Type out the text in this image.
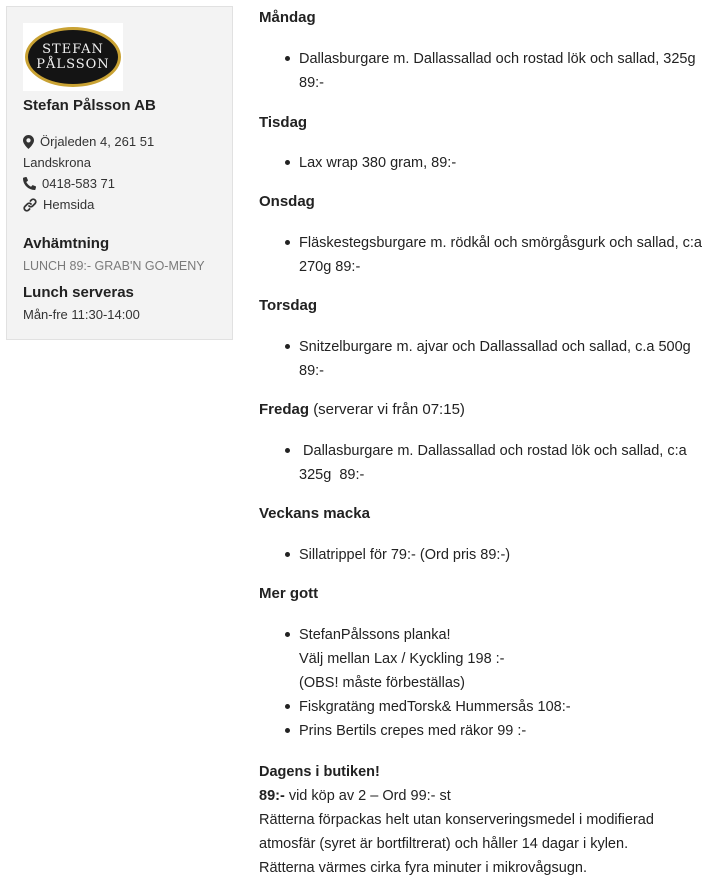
STEFAN
PÅLSSON
Stefan Pålsson AB
Örjaleden 4, 261 51
Landskrona
0418-583 71
Hemsida
Avhämtning
LUNCH 89:- GRAB'N GO-MENY
Lunch serveras
Mån-fre 11:30-14:00
Måndag
Dallasburgare m. Dallassallad och rostad lök och sallad, 325g 89:-
Tisdag
Lax wrap 380 gram, 89:-
Onsdag
Fläskestegsburgare m. rödkål och smörgåsgurk och sallad, c:a 270g 89:-
Torsdag
Snitzelburgare m. ajvar och Dallassallad och sallad, c.a 500g 89:-
Fredag (serverar vi från 07:15)
Dallasburgare m. Dallassallad och rostad lök och sallad, c:a 325g  89:-
Veckans macka
Sillatrippel för 79:- (Ord pris 89:-)
Mer gott
StefanPålssons planka!
Välj mellan Lax / Kyckling 198 :-
(OBS! måste förbeställas)
Fiskgratäng medTorsk& Hummersås 108:-
Prins Bertils crepes med räkor 99 :-
Dagens i butiken!
89:- vid köp av 2 – Ord 99:- st
Rätterna förpackas helt utan konserveringsmedel i modifierad
atmosfär (syret är bortfiltrerat) och håller 14 dagar i kylen.
Rätterna värmes cirka fyra minuter i mikrovågsugn.
